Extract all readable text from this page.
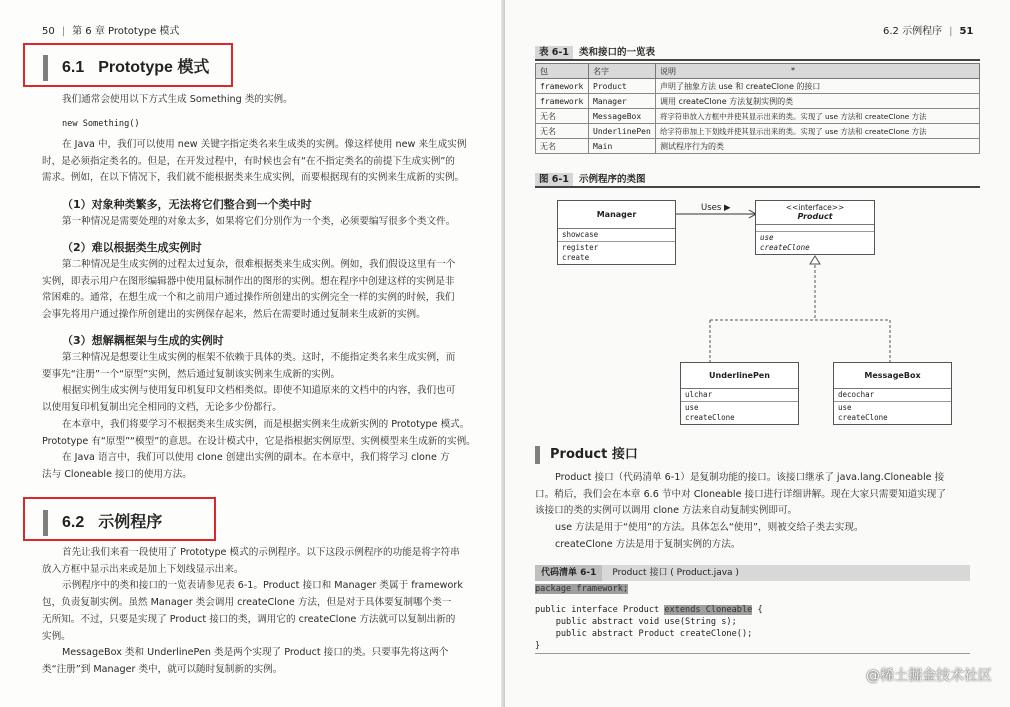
50 | 第 6 章 Prototype 模式
6.1 Prototype 模式
我们通常会使用以下方式生成 Something 类的实例。
new Something()
在 Java 中，我们可以使用 new 关键字指定类名来生成类的实例。像这样使用 new 来生成实例
时，是必须指定类名的。但是，在开发过程中，有时候也会有“在不指定类名的前提下生成实例”的
需求。例如，在以下情况下，我们就不能根据类来生成实例，而要根据现有的实例来生成新的实例。
（1）对象种类繁多，无法将它们整合到一个类中时
第一种情况是需要处理的对象太多，如果将它们分别作为一个类，必须要编写很多个类文件。
（2）难以根据类生成实例时
第二种情况是生成实例的过程太过复杂，很难根据类来生成实例。例如，我们假设这里有一个
实例，即表示用户在图形编辑器中使用鼠标制作出的图形的实例。想在程序中创建这样的实例是非
常困难的。通常，在想生成一个和之前用户通过操作所创建出的实例完全一样的实例的时候，我们
会事先将用户通过操作所创建出的实例保存起来，然后在需要时通过复制来生成新的实例。
（3）想解耦框架与生成的实例时
第三种情况是想要让生成实例的框架不依赖于具体的类。这时，不能指定类名来生成实例，而
要事先“注册”一个“原型”实例，然后通过复制该实例来生成新的实例。
根据实例生成实例与使用复印机复印文档相类似。即使不知道原来的文档中的内容，我们也可
以使用复印机复制出完全相同的文档，无论多少份都行。
在本章中，我们将要学习不根据类来生成实例，而是根据实例来生成新实例的 Prototype 模式。
Prototype 有“原型”“模型”的意思。在设计模式中，它是指根据实例原型、实例模型来生成新的实例。
在 Java 语言中，我们可以使用 clone 创建出实例的副本。在本章中，我们将学习 clone 方
法与 Cloneable 接口的使用方法。
6.2 示例程序
首先让我们来看一段使用了 Prototype 模式的示例程序。以下这段示例程序的功能是将字符串
放入方框中显示出来或是加上下划线显示出来。
示例程序中的类和接口的一览表请参见表 6-1。Product 接口和 Manager 类属于 framework
包，负责复制实例。虽然 Manager 类会调用 createClone 方法，但是对于具体要复制哪个类一
无所知。不过，只要是实现了 Product 接口的类，调用它的 createClone 方法就可以复制出新的
实例。
MessageBox 类和 UnderlinePen 类是两个实现了 Product 接口的类。只要事先将这两个
类“注册”到 Manager 类中，就可以随时复制新的实例。
6.2 示例程序 | 51
表 6-1 类和接口的一览表
包	名字	说明 *

framework	Product	声明了抽象方法 use 和 createClone 的接口
framework	Manager	调用 createClone 方法复制实例的类
无名	MessageBox	将字符串放入方框中并使其显示出来的类。实现了 use 方法和 createClone 方法
无名	UnderlinePen	给字符串加上下划线并使其显示出来的类。实现了 use 方法和 createClone 方法
无名	Main	测试程序行为的类
图 6-1 示例程序的类图
Uses ▶
Manager
showcase
register
create
<<interface>>
Product
use
createClone
UnderlinePen
ulchar
use
createClone
MessageBox
decochar
use
createClone
Product 接口
Product 接口（代码清单 6-1）是复制功能的接口。该接口继承了 java.lang.Cloneable 接
口。稍后，我们会在本章 6.6 节中对 Cloneable 接口进行详细讲解。现在大家只需要知道实现了
该接口的类的实例可以调用 clone 方法来自动复制实例即可。
use 方法是用于“使用”的方法。具体怎么“使用”，则被交给子类去实现。
createClone 方法是用于复制实例的方法。
代码清单 6-1 Product 接口 ( Product.java )
package framework;
public interface Product extends Cloneable {
public abstract void use(String s);
public abstract Product createClone();
}
@稀土掘金技术社区
